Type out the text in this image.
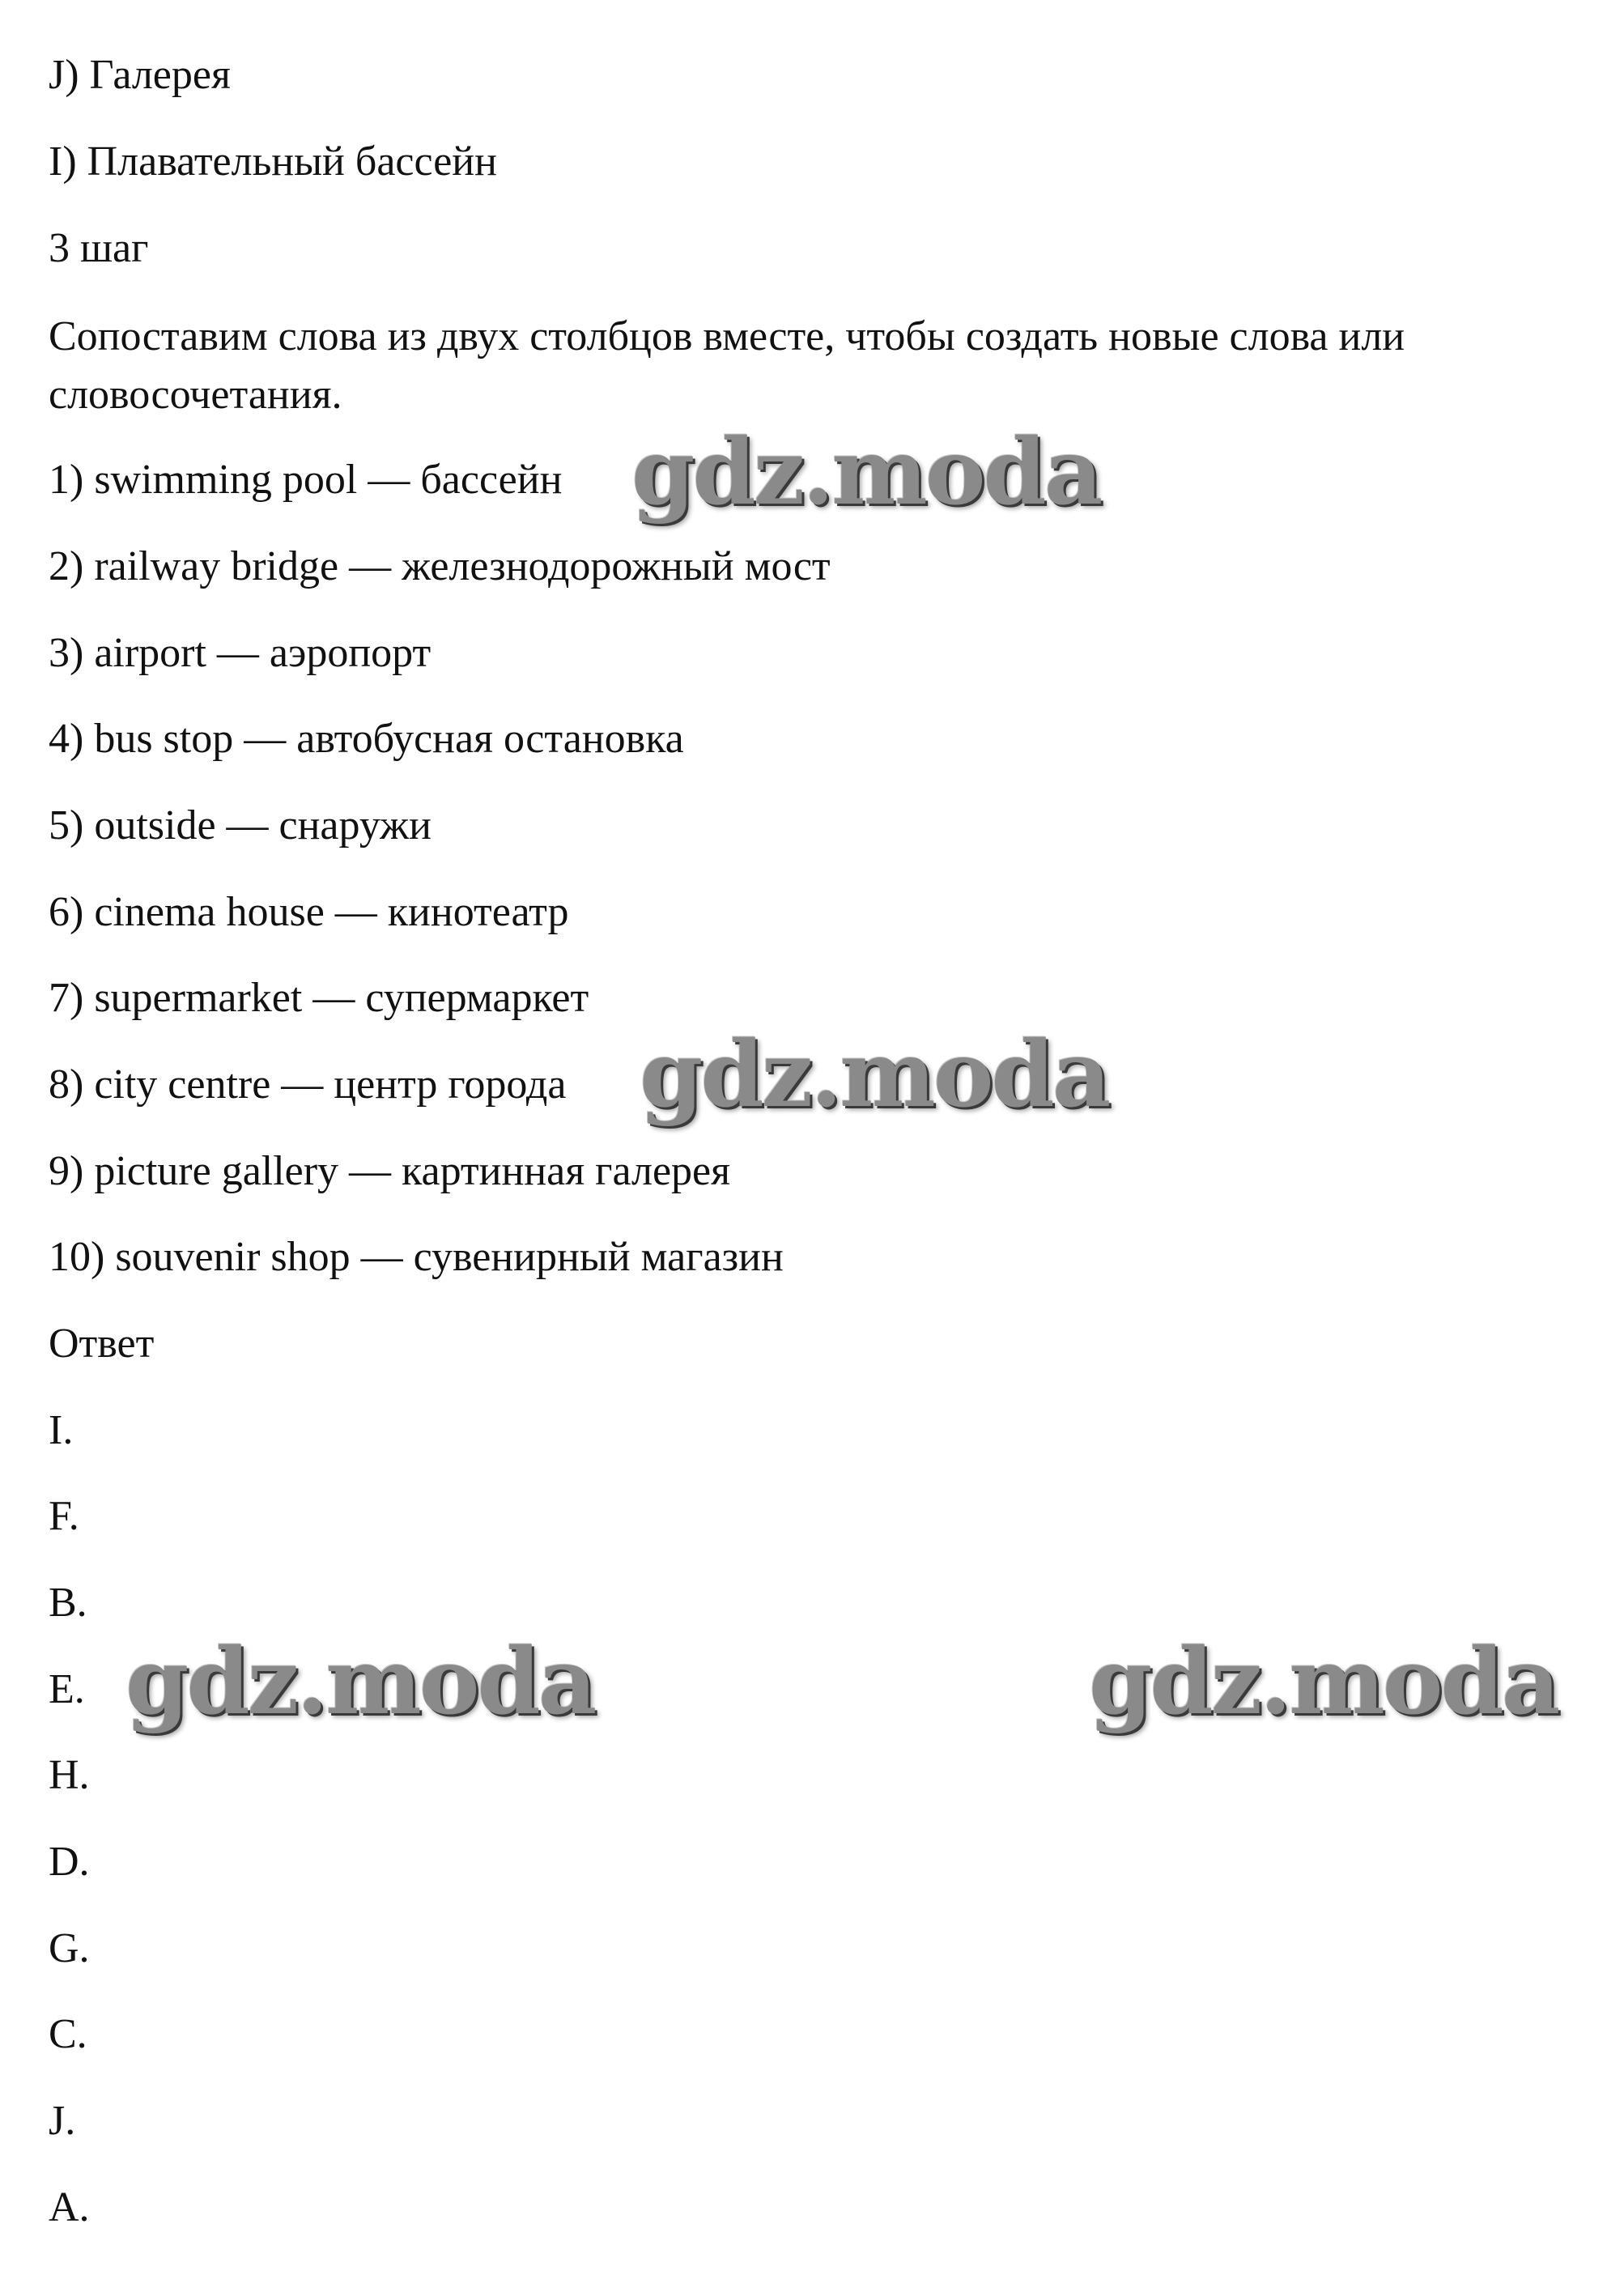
J) Галерея

I) Плавательный бассейн

3 шаг

Сопоставим слова из двух столбцов вместе, чтобы создать новые слова или словосочетания.

1) swimming pool — бассейн

2) railway bridge — железнодорожный мост

3) airport — аэропорт

4) bus stop — автобусная остановка

5) outside — снаружи

6) cinema house — кинотеатр

7) supermarket — супермаркет

8) city centre — центр города

9) picture gallery — картинная галерея

10) souvenir shop — сувенирный магазин

Ответ

I.

F.

B.

E.

H.

D.

G.

C.

J.

A.

gdz.moda
gdz.moda
gdz.moda	gdz.moda
